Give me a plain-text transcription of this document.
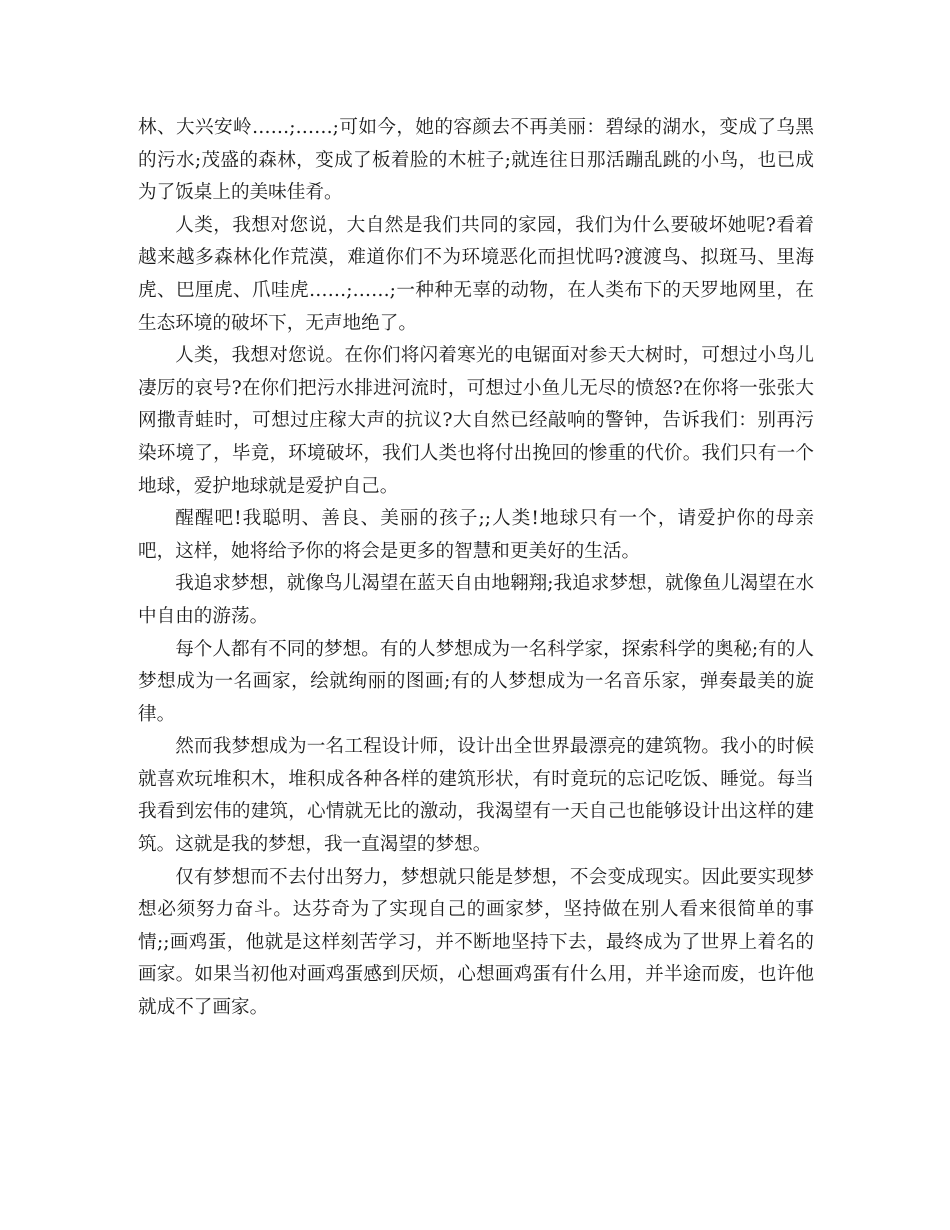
林、大兴安岭……;……;可如今，她的容颜去不再美丽：碧绿的湖水，变成了乌黑的污水;茂盛的森林，变成了板着脸的木桩子;就连往日那活蹦乱跳的小鸟，也已成为了饭桌上的美味佳肴。

人类，我想对您说，大自然是我们共同的家园，我们为什么要破坏她呢?看着越来越多森林化作荒漠，难道你们不为环境恶化而担忧吗?渡渡鸟、拟斑马、里海虎、巴厘虎、爪哇虎……;……;一种种无辜的动物，在人类布下的天罗地网里，在生态环境的破坏下，无声地绝了。

人类，我想对您说。在你们将闪着寒光的电锯面对参天大树时，可想过小鸟儿凄厉的哀号?在你们把污水排进河流时，可想过小鱼儿无尽的愤怒?在你将一张张大网撒青蛙时，可想过庄稼大声的抗议?大自然已经敲响的警钟，告诉我们：别再污染环境了，毕竟，环境破坏，我们人类也将付出挽回的惨重的代价。我们只有一个地球，爱护地球就是爱护自己。

醒醒吧!我聪明、善良、美丽的孩子;;人类!地球只有一个，请爱护你的母亲吧，这样，她将给予你的将会是更多的智慧和更美好的生活。

我追求梦想，就像鸟儿渴望在蓝天自由地翱翔;我追求梦想，就像鱼儿渴望在水中自由的游荡。

每个人都有不同的梦想。有的人梦想成为一名科学家，探索科学的奥秘;有的人梦想成为一名画家，绘就绚丽的图画;有的人梦想成为一名音乐家，弹奏最美的旋律。

然而我梦想成为一名工程设计师，设计出全世界最漂亮的建筑物。我小的时候就喜欢玩堆积木，堆积成各种各样的建筑形状，有时竟玩的忘记吃饭、睡觉。每当我看到宏伟的建筑，心情就无比的激动，我渴望有一天自己也能够设计出这样的建筑。这就是我的梦想，我一直渴望的梦想。

仅有梦想而不去付出努力，梦想就只能是梦想，不会变成现实。因此要实现梦想必须努力奋斗。达芬奇为了实现自己的画家梦，坚持做在别人看来很简单的事情;;画鸡蛋，他就是这样刻苦学习，并不断地坚持下去，最终成为了世界上着名的画家。如果当初他对画鸡蛋感到厌烦，心想画鸡蛋有什么用，并半途而废，也许他就成不了画家。
